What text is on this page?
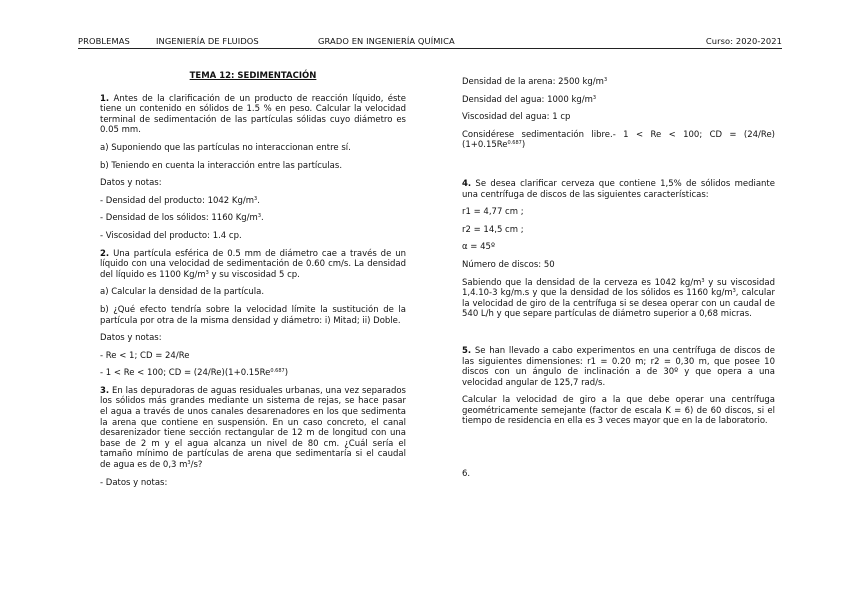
PROBLEMAS	INGENIERÍA DE FLUIDOS	GRADO EN INGENIERÍA QUÍMICA	Curso: 2020-2021

TEMA 12: SEDIMENTACIÓN

1. Antes de la clarificación de un producto de reacción líquido, éste tiene un contenido en sólidos de 1.5 % en peso. Calcular la velocidad terminal de sedimentación de las partículas sólidas cuyo diámetro es 0.05 mm.

a) Suponiendo que las partículas no interaccionan entre sí.

b) Teniendo en cuenta la interacción entre las partículas.

Datos y notas:

- Densidad del producto: 1042 $Kg/m^3$.

- Densidad de los sólidos: 1160 $Kg/m^3$.

- Viscosidad del producto: 1.4 cp.

2. Una partícula esférica de 0.5 mm de diámetro cae a través de un líquido con una velocidad de sedimentación de 0.60 cm/s. La densidad del líquido es 1100 $Kg/m^3$ y su viscosidad 5 cp.

a) Calcular la densidad de la partícula.

b) ¿Qué efecto tendría sobre la velocidad límite la sustitución de la partícula por otra de la misma densidad y diámetro: i) Mitad; ii) Doble.

Datos y notas:

- Re < 1; CD = 24/Re

- 1 < Re < 100; CD = $(24/Re)(1+0.15Re^{0.687})$

3. En las depuradoras de aguas residuales urbanas, una vez separados los sólidos más grandes mediante un sistema de rejas, se hace pasar el agua a través de unos canales desarenadores en los que sedimenta la arena que contiene en suspensión. En un caso concreto, el canal desarenizador tiene sección rectangular de 12 m de longitud con una base de 2 m y el agua alcanza un nivel de 80 cm. ¿Cuál sería el tamaño mínimo de partículas de arena que sedimentaría si el caudal de agua es de 0,3 $m^3/s$?

- Datos y notas:

Densidad de la arena: 2500 $kg/m^3$

Densidad del agua: 1000 $kg/m^3$

Viscosidad del agua: 1 cp

Considérese sedimentación libre.- 1 < Re < 100; CD = $(24/Re)(1+0.15Re^{0.687})$

4. Se desea clarificar cerveza que contiene 1,5% de sólidos mediante una centrífuga de discos de las siguientes características:

r1 = 4,77 cm ;

r2 = 14,5 cm ;

α = 45º

Número de discos: 50

Sabiendo que la densidad de la cerveza es 1042 $kg/m^3$ y su viscosidad 1,4.10-3 kg/m.s y que la densidad de los sólidos es 1160 $kg/m^3$, calcular la velocidad de giro de la centrífuga si se desea operar con un caudal de 540 L/h y que separe partículas de diámetro superior a 0,68 micras.

5. Se han llevado a cabo experimentos en una centrífuga de discos de las siguientes dimensiones: r1 = 0.20 m; r2 = 0,30 m, que posee 10 discos con un ángulo de inclinación a de 30º y que opera a una velocidad angular de 125,7 rad/s.

Calcular la velocidad de giro a la que debe operar una centrífuga geométricamente semejante (factor de escala K = 6) de 60 discos, si el tiempo de residencia en ella es 3 veces mayor que en la de laboratorio.

6.
